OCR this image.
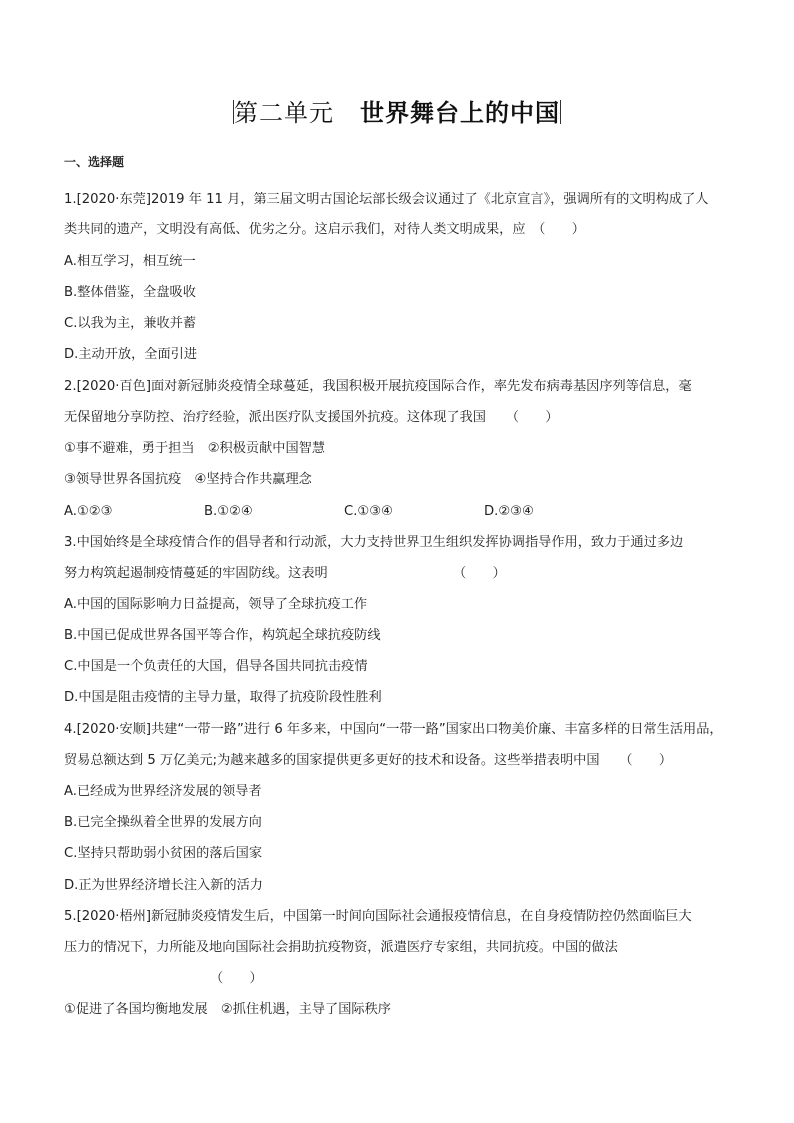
第二单元 世界舞台上的中国
一、选择题
1.[2020·东莞]2019 年 11 月，第三届文明古国论坛部长级会议通过了《北京宣言》，强调所有的文明构成了人
类共同的遗产，文明没有高低、优劣之分。这启示我们，对待人类文明成果，应　（　　）
A.相互学习，相互统一
B.整体借鉴，全盘吸收
C.以我为主，兼收并蓄
D.主动开放，全面引进
2.[2020·百色]面对新冠肺炎疫情全球蔓延，我国积极开展抗疫国际合作，率先发布病毒基因序列等信息，毫
无保留地分享防控、治疗经验，派出医疗队支援国外抗疫。这体现了我国　　（　　）
①事不避难，勇于担当　②积极贡献中国智慧
③领导世界各国抗疫　④坚持合作共赢理念
A.①②③	B.①②④	C.①③④	D.②③④
3.中国始终是全球疫情合作的倡导者和行动派，大力支持世界卫生组织发挥协调指导作用，致力于通过多边
努力构筑起遏制疫情蔓延的牢固防线。这表明　　　　　　　　　　（　　）
A.中国的国际影响力日益提高，领导了全球抗疫工作
B.中国已促成世界各国平等合作，构筑起全球抗疫防线
C.中国是一个负责任的大国，倡导各国共同抗击疫情
D.中国是阻击疫情的主导力量，取得了抗疫阶段性胜利
4.[2020·安顺]共建“一带一路”进行 6 年多来，中国向“一带一路”国家出口物美价廉、丰富多样的日常生活用品，
贸易总额达到 5 万亿美元;为越来越多的国家提供更多更好的技术和设备。这些举措表明中国　　（　　）
A.已经成为世界经济发展的领导者
B.已完全操纵着全世界的发展方向
C.坚持只帮助弱小贫困的落后国家
D.正为世界经济增长注入新的活力
5.[2020·梧州]新冠肺炎疫情发生后，中国第一时间向国际社会通报疫情信息，在自身疫情防控仍然面临巨大
压力的情况下，力所能及地向国际社会捐助抗疫物资，派遣医疗专家组，共同抗疫。中国的做法
（　　）
①促进了各国均衡地发展　②抓住机遇，主导了国际秩序
